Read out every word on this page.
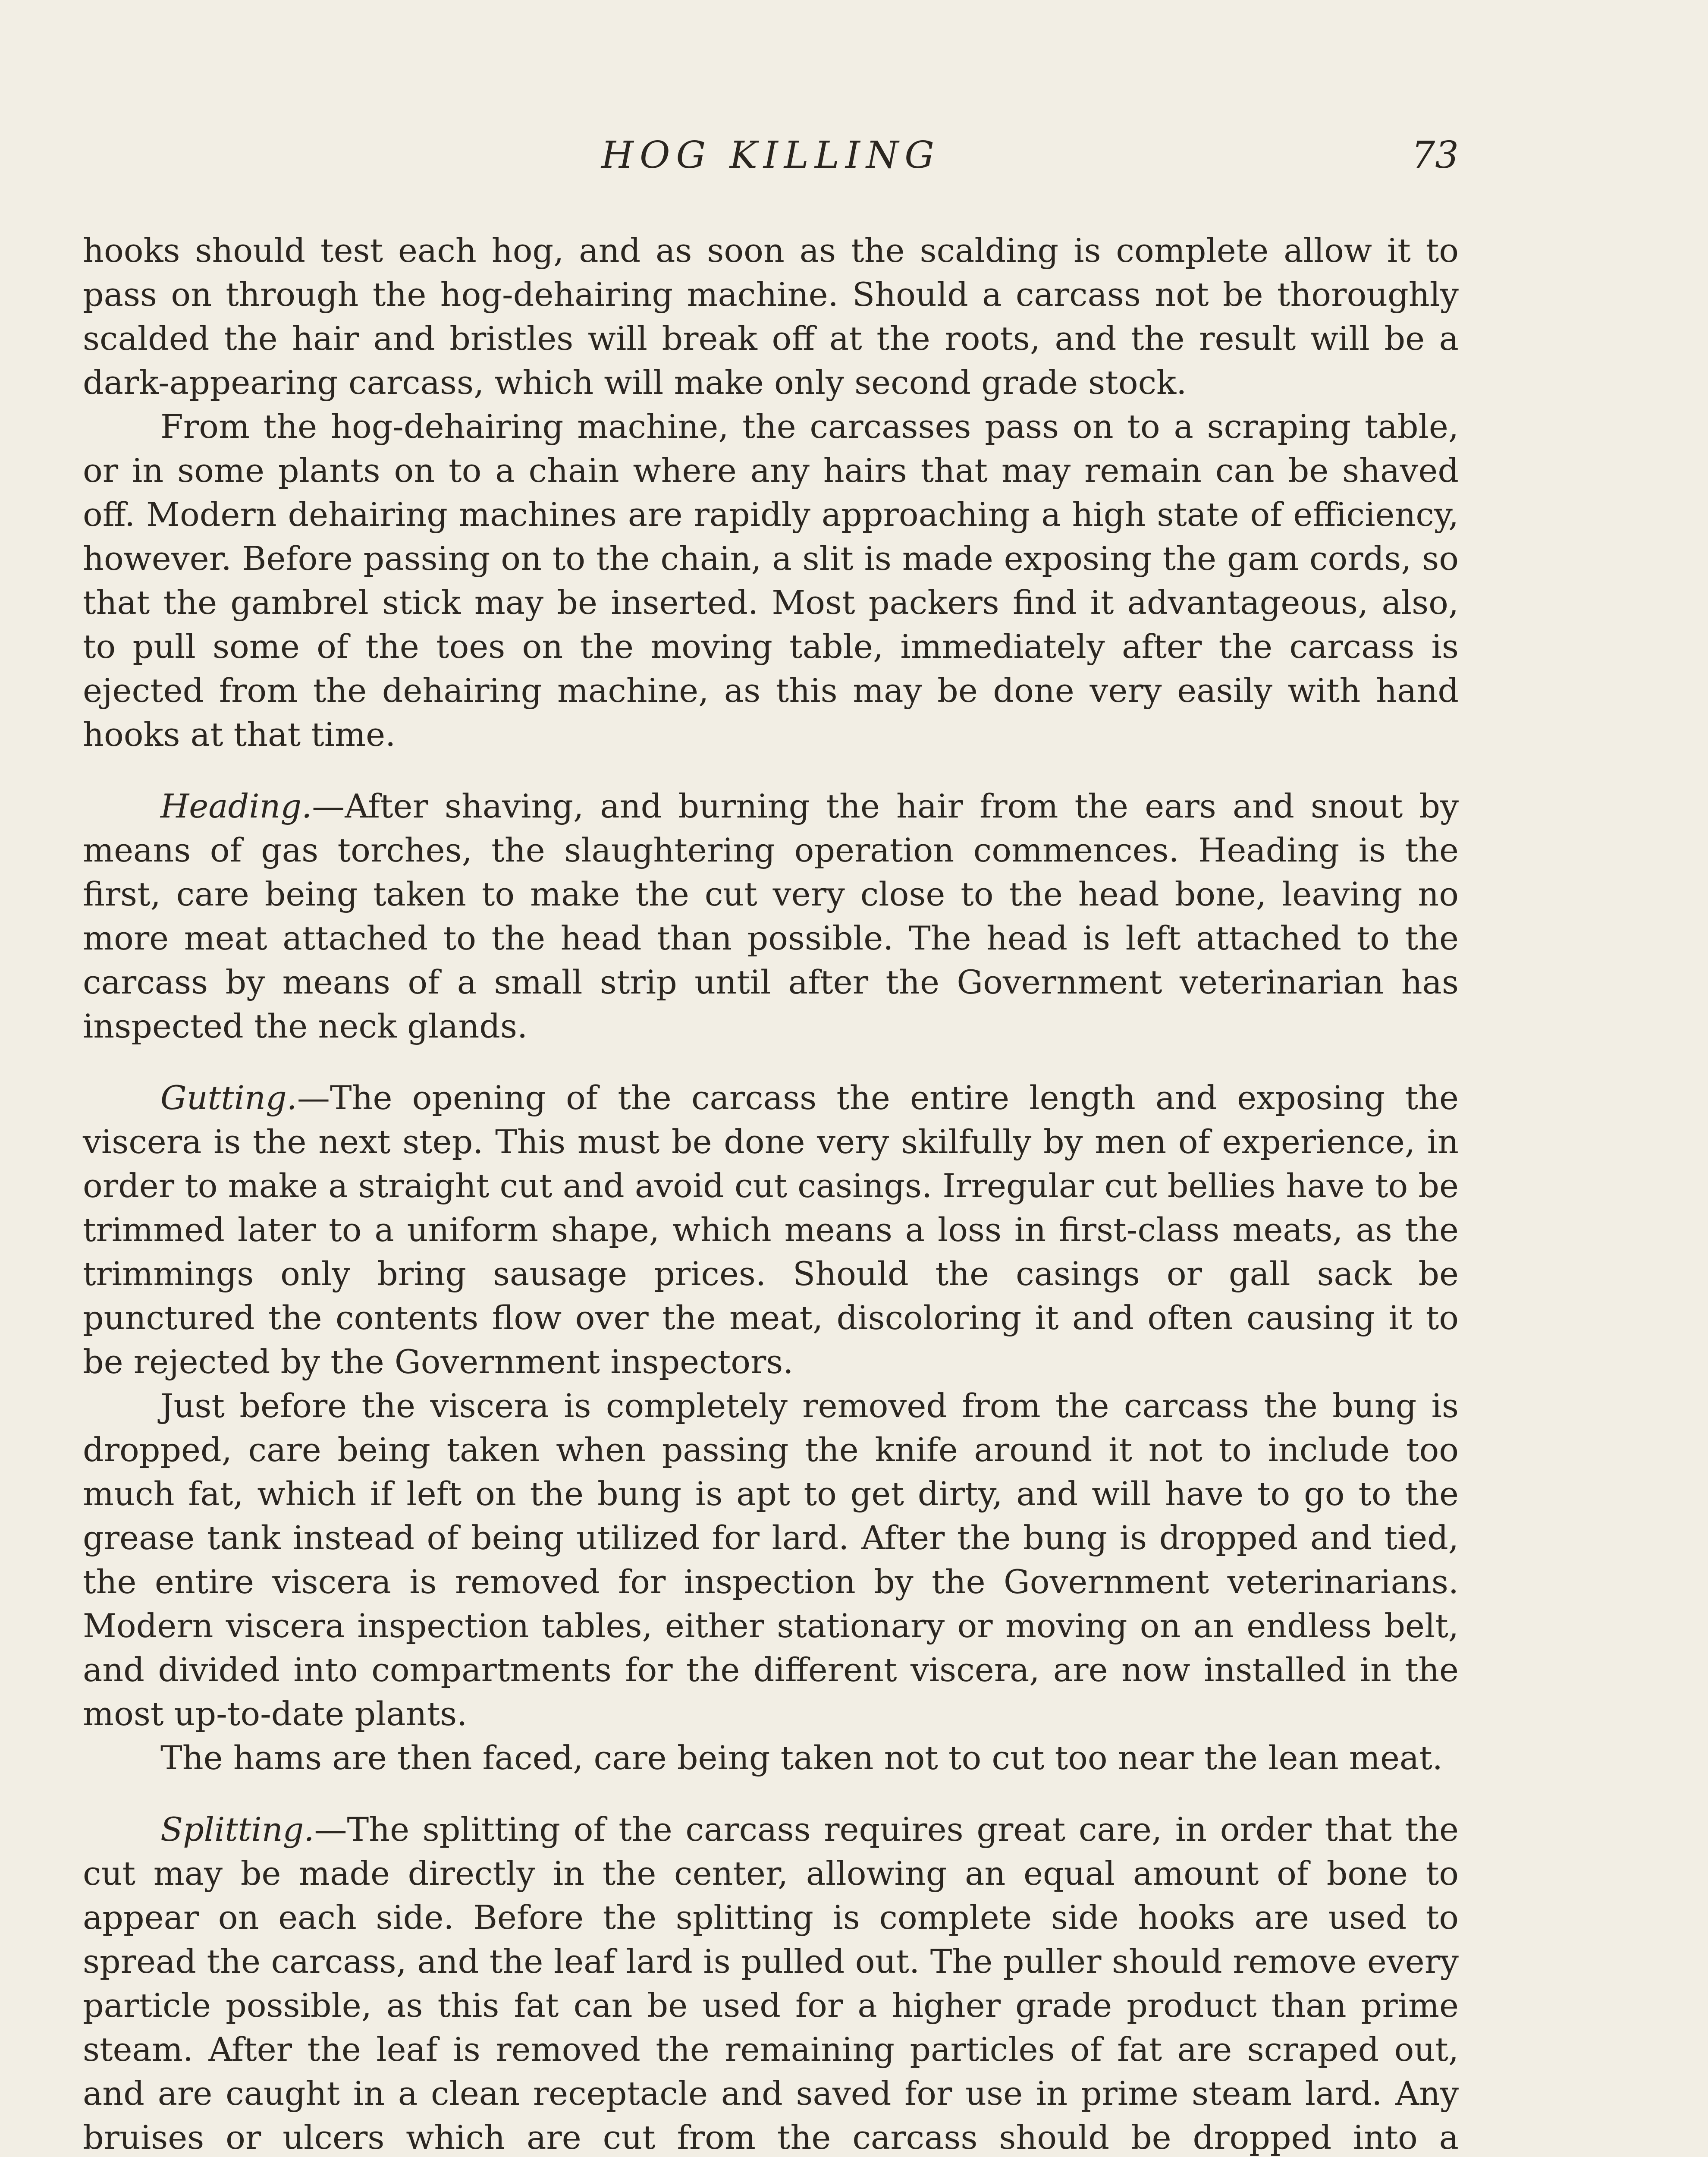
HOG KILLING	73

hooks should test each hog, and as soon as the scalding is complete allow it to pass on through the hog-dehairing machine. Should a carcass not be thoroughly scalded the hair and bristles will break off at the roots, and the result will be a dark-appearing carcass, which will make only second grade stock.

From the hog-dehairing machine, the carcasses pass on to a scraping table, or in some plants on to a chain where any hairs that may remain can be shaved off. Modern dehairing machines are rapidly approaching a high state of efficiency, however. Before passing on to the chain, a slit is made exposing the gam cords, so that the gambrel stick may be inserted. Most packers find it advantageous, also, to pull some of the toes on the moving table, immediately after the carcass is ejected from the dehairing machine, as this may be done very easily with hand hooks at that time.

Heading.—After shaving, and burning the hair from the ears and snout by means of gas torches, the slaughtering operation commences. Heading is the first, care being taken to make the cut very close to the head bone, leaving no more meat attached to the head than possible. The head is left attached to the carcass by means of a small strip until after the Government veterinarian has inspected the neck glands.

Gutting.—The opening of the carcass the entire length and exposing the viscera is the next step. This must be done very skilfully by men of experience, in order to make a straight cut and avoid cut casings. Irregular cut bellies have to be trimmed later to a uniform shape, which means a loss in first-class meats, as the trimmings only bring sausage prices. Should the casings or gall sack be punctured the contents flow over the meat, discoloring it and often causing it to be rejected by the Government inspectors.

Just before the viscera is completely removed from the carcass the bung is dropped, care being taken when passing the knife around it not to include too much fat, which if left on the bung is apt to get dirty, and will have to go to the grease tank instead of being utilized for lard. After the bung is dropped and tied, the entire viscera is removed for inspection by the Government veterinarians. Modern viscera inspection tables, either stationary or moving on an endless belt, and divided into compartments for the different viscera, are now installed in the most up-to-date plants.

The hams are then faced, care being taken not to cut too near the lean meat.

Splitting.—The splitting of the carcass requires great care, in order that the cut may be made directly in the center, allowing an equal amount of bone to appear on each side. Before the splitting is complete side hooks are used to spread the carcass, and the leaf lard is pulled out. The puller should remove every particle possible, as this fat can be used for a higher grade product than prime steam. After the leaf is removed the remaining particles of fat are scraped out, and are caught in a clean receptacle and saved for use in prime steam lard. Any bruises or ulcers which are cut from the carcass should be dropped into a
